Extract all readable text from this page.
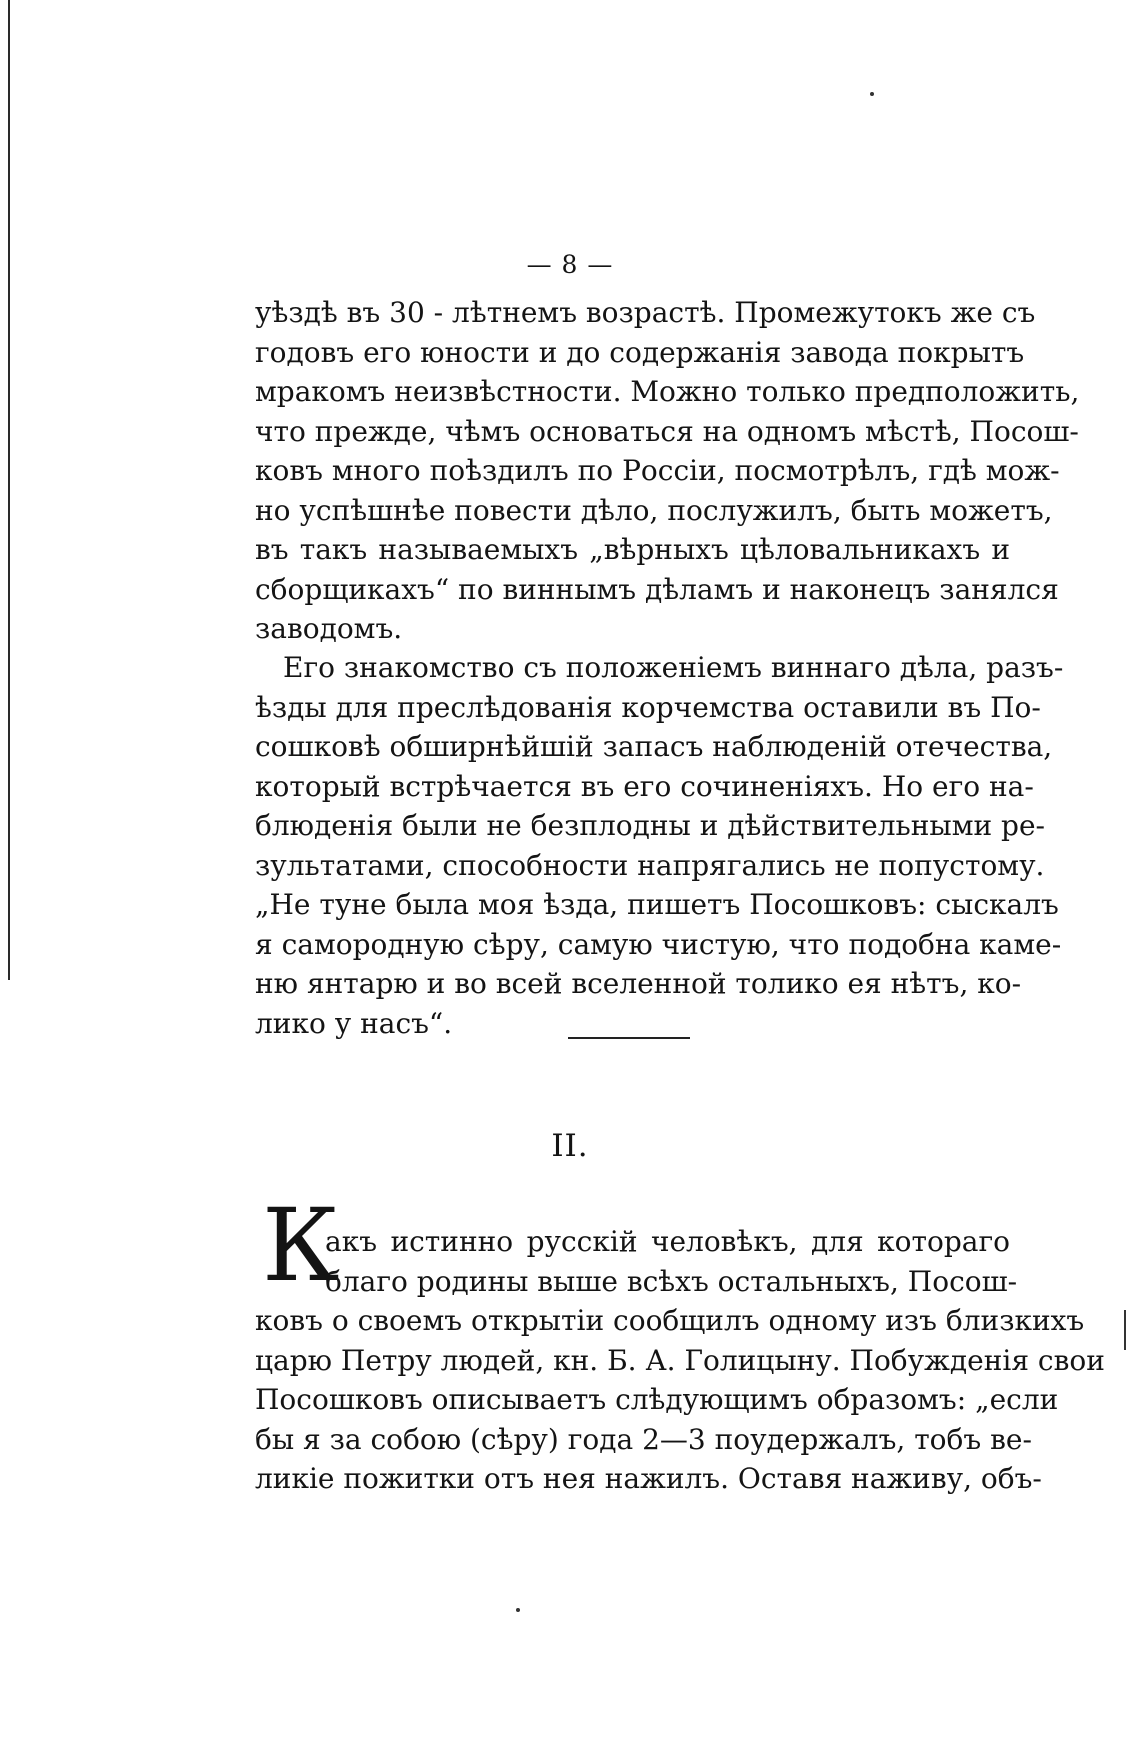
— 8 —
уѣздѣ въ 30 - лѣтнемъ возрастѣ. Промежутокъ же съ
годовъ его юности и до содержанія завода покрытъ
мракомъ неизвѣстности. Можно только предположить,
что прежде, чѣмъ основаться на одномъ мѣстѣ, Посош-
ковъ много поѣздилъ по Россіи, посмотрѣлъ, гдѣ мож-
но успѣшнѣе повести дѣло, послужилъ, быть можетъ,
въ такъ называемыхъ „вѣрныхъ цѣловальникахъ и
сборщикахъ“ по виннымъ дѣламъ и наконецъ занялся
заводомъ.
Его знакомство съ положеніемъ виннаго дѣла, разъ-
ѣзды для преслѣдованія корчемства оставили въ По-
сошковѣ обширнѣйшій запасъ наблюденій отечества,
который встрѣчается въ его сочиненіяхъ. Но его на-
блюденія были не безплодны и дѣйствительными ре-
зультатами, способности напрягались не попустому.
„Не туне была моя ѣзда, пишетъ Посошковъ: сыскалъ
я самородную сѣру, самую чистую, что подобна каме-
ню янтарю и во всей вселенной толико ея нѣтъ, ко-
лико у насъ“.
II.
К
акъ истинно русскій человѣкъ, для котораго
благо родины выше всѣхъ остальныхъ, Посош-
ковъ о своемъ открытіи сообщилъ одному изъ близкихъ
царю Петру людей, кн. Б. А. Голицыну. Побужденія свои
Посошковъ описываетъ слѣдующимъ образомъ: „если
бы я за собою (сѣру) года 2—3 поудержалъ, тобъ ве-
ликіе пожитки отъ нея нажилъ. Оставя наживу, объ-
